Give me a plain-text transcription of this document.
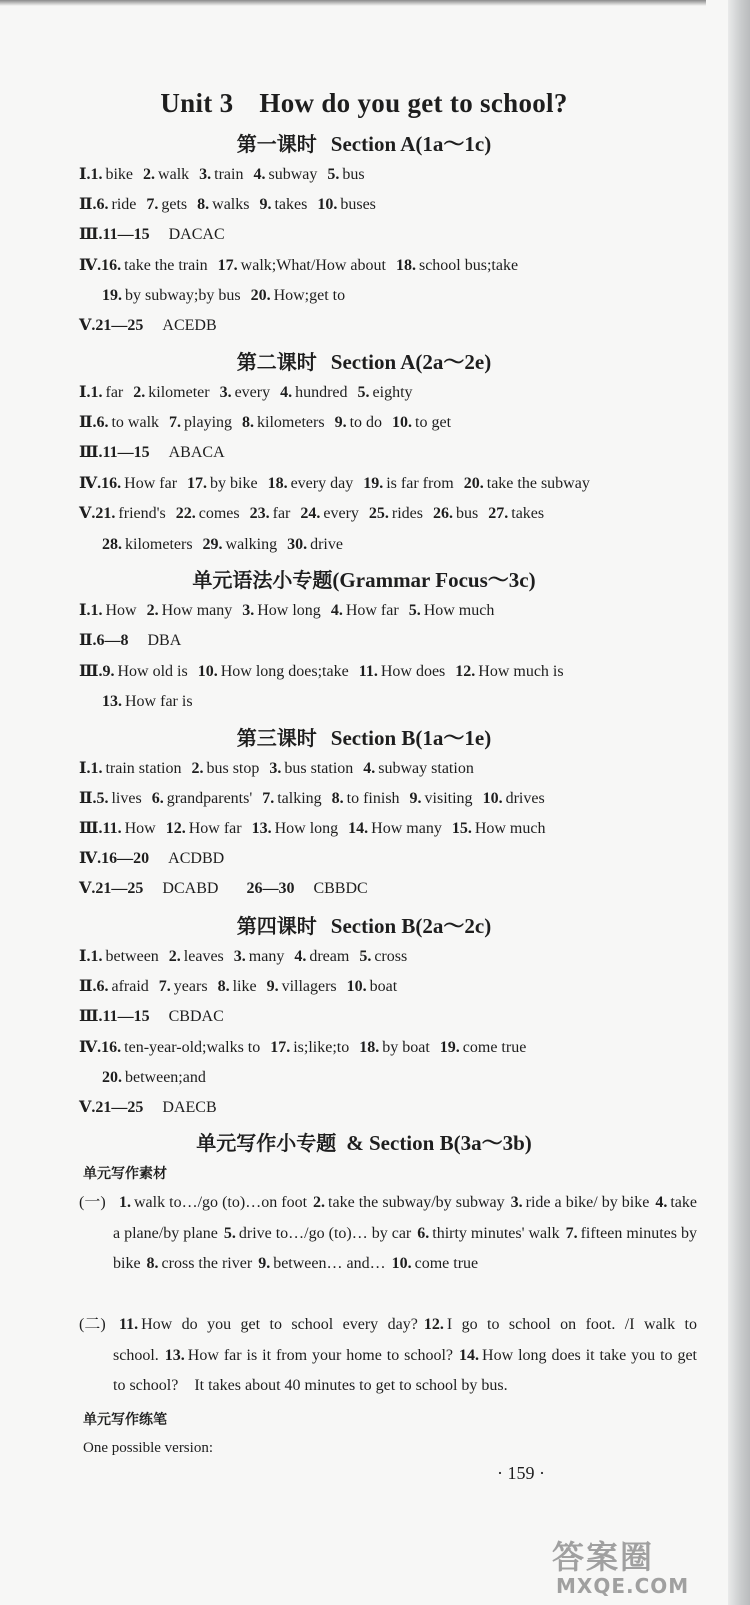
Unit 3 How do you get to school?
第一课时 Section A(1a～1c)
第二课时 Section A(2a～2e)
单元语法小专题(Grammar Focus～3c)
第三课时 Section B(1a～1e)
第四课时 Section B(2a～2c)
单元写作小专题 & Section B(3a～3b)
Ⅰ.1. bike 2. walk 3. train 4. subway 5. bus
Ⅱ.6. ride 7. gets 8. walks 9. takes 10. buses
Ⅲ.11—15 DACAC
Ⅳ.16. take the train 17. walk;What/How about 18. school bus;take
19. by subway;by bus 20. How;get to
Ⅴ.21—25 ACEDB
Ⅰ.1. far 2. kilometer 3. every 4. hundred 5. eighty
Ⅱ.6. to walk 7. playing 8. kilometers 9. to do 10. to get
Ⅲ.11—15 ABACA
Ⅳ.16. How far 17. by bike 18. every day 19. is far from 20. take the subway
Ⅴ.21. friend's 22. comes 23. far 24. every 25. rides 26. bus 27. takes
28. kilometers 29. walking 30. drive
Ⅰ.1. How 2. How many 3. How long 4. How far 5. How much
Ⅱ.6—8 DBA
Ⅲ.9. How old is 10. How long does;take 11. How does 12. How much is
13. How far is
Ⅰ.1. train station 2. bus stop 3. bus station 4. subway station
Ⅱ.5. lives 6. grandparents' 7. talking 8. to finish 9. visiting 10. drives
Ⅲ.11. How 12. How far 13. How long 14. How many 15. How much
Ⅳ.16—20 ACDBD
Ⅴ.21—25 DCABD 26—30 CBBDC
Ⅰ.1. between 2. leaves 3. many 4. dream 5. cross
Ⅱ.6. afraid 7. years 8. like 9. villagers 10. boat
Ⅲ.11—15 CBDAC
Ⅳ.16. ten-year-old;walks to 17. is;like;to 18. by boat 19. come true
20. between;and
Ⅴ.21—25 DAECB
单元写作素材
(一) 1. walk to…/go (to)…on foot 2. take the subway/by subway 3. ride a bike/ by bike 4. take a plane/by plane 5. drive to…/go (to)… by car 6. thirty minutes' walk 7. fifteen minutes by bike 8. cross the river 9. between… and… 10. come true
(二) 11. How do you get to school every day? 12. I go to school on foot. /I walk to school. 13. How far is it from your home to school? 14. How long does it take you to get to school?　It takes about 40 minutes to get to school by bus.
单元写作练笔
One possible version:
· 159 ·
答案圈
MXQE.COM
